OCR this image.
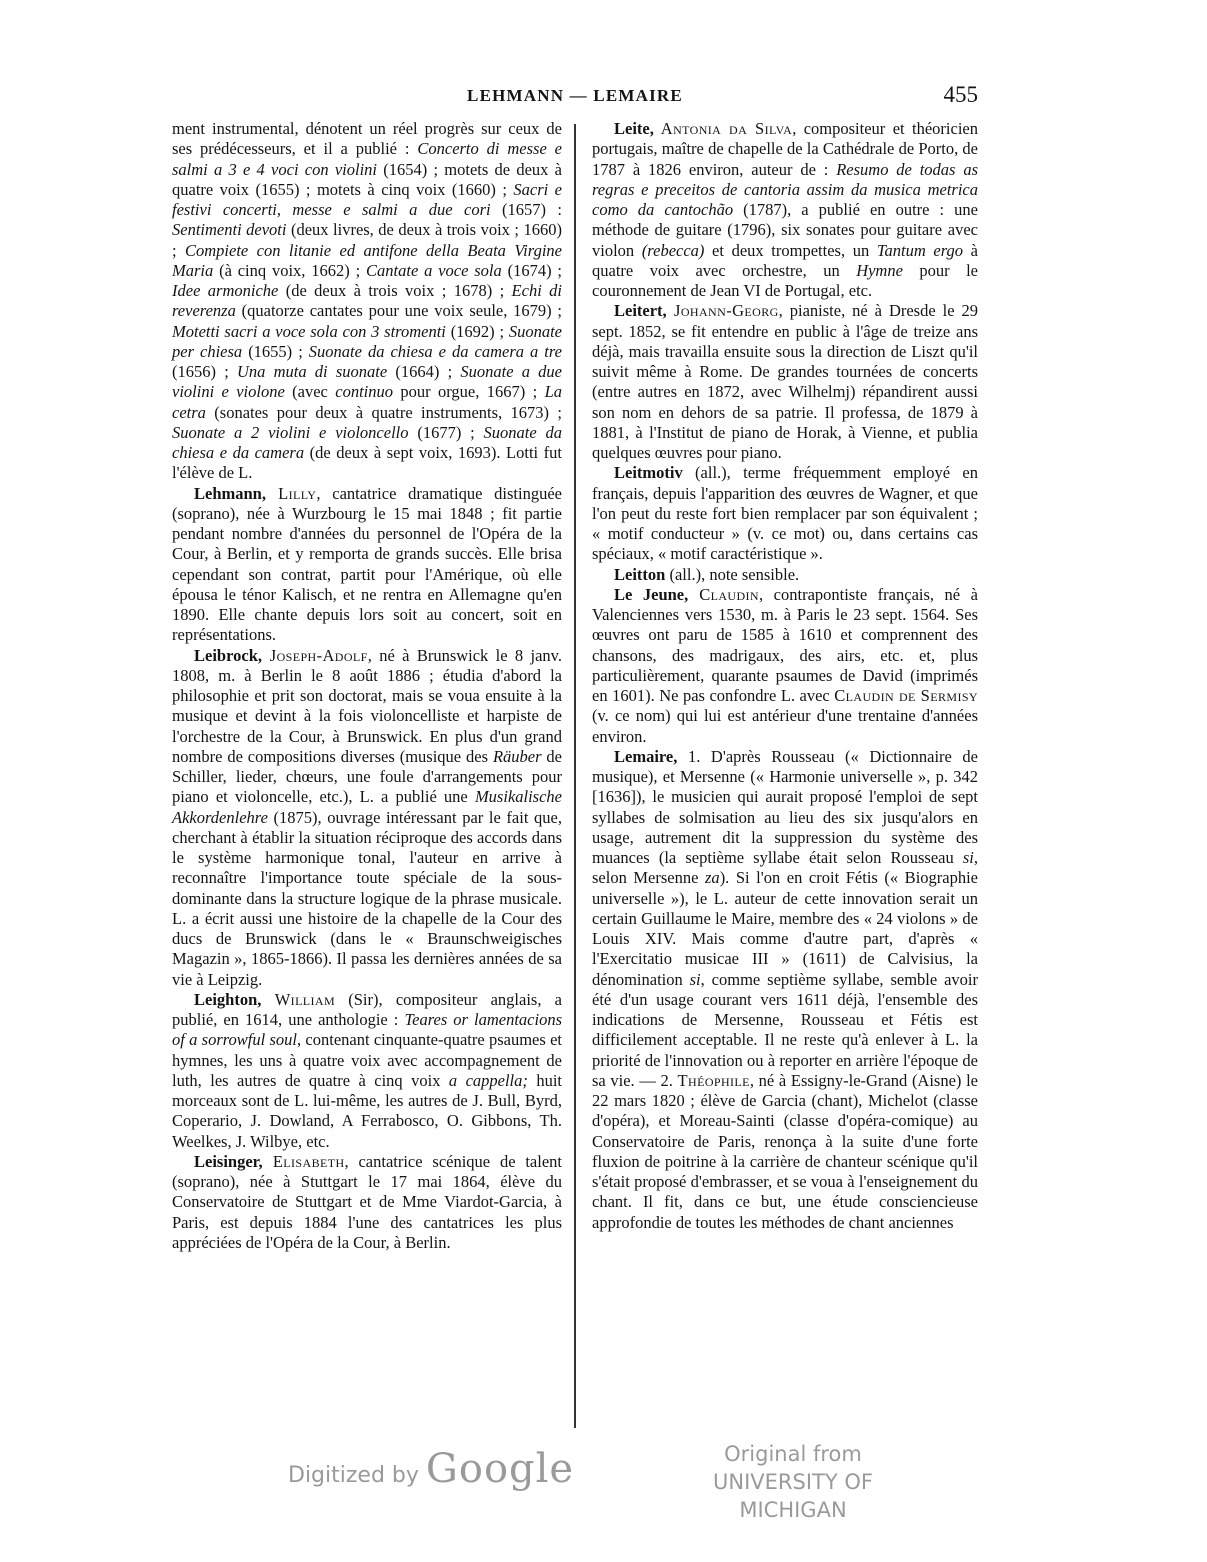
LEHMANN — LEMAIRE	455

ment instrumental, dénotent un réel progrès sur ceux de ses prédécesseurs, et il a publié : Concerto di messe e salmi a 3 e 4 voci con violini (1654) ; motets de deux à quatre voix (1655) ; motets à cinq voix (1660) ; Sacri e festivi concerti, messe e salmi a due cori (1657) : Sentimenti devoti (deux livres, de deux à trois voix ; 1660) ; Compiete con litanie ed antifone della Beata Virgine Maria (à cinq voix, 1662) ; Cantate a voce sola (1674) ; Idee armoniche (de deux à trois voix ; 1678) ; Echi di reverenza (quatorze cantates pour une voix seule, 1679) ; Motetti sacri a voce sola con 3 stromenti (1692) ; Suonate per chiesa (1655) ; Suonate da chiesa e da camera a tre (1656) ; Una muta di suonate (1664) ; Suonate a due violini e violone (avec continuo pour orgue, 1667) ; La cetra (sonates pour deux à quatre instruments, 1673) ; Suonate a 2 violini e violoncello (1677) ; Suonate da chiesa e da camera (de deux à sept voix, 1693). Lotti fut l'élève de L.

Lehmann, Lilly, cantatrice dramatique distinguée (soprano), née à Wurzbourg le 15 mai 1848 ; fit partie pendant nombre d'années du personnel de l'Opéra de la Cour, à Berlin, et y remporta de grands succès. Elle brisa cependant son contrat, partit pour l'Amérique, où elle épousa le ténor Kalisch, et ne rentra en Allemagne qu'en 1890. Elle chante depuis lors soit au concert, soit en représentations.

Leibrock, Joseph-Adolf, né à Brunswick le 8 janv. 1808, m. à Berlin le 8 août 1886 ; étudia d'abord la philosophie et prit son doctorat, mais se voua ensuite à la musique et devint à la fois violoncelliste et harpiste de l'orchestre de la Cour, à Brunswick. En plus d'un grand nombre de compositions diverses (musique des Räuber de Schiller, lieder, chœurs, une foule d'arrangements pour piano et violoncelle, etc.), L. a publié une Musikalische Akkordenlehre (1875), ouvrage intéressant par le fait que, cherchant à établir la situation réciproque des accords dans le système harmonique tonal, l'auteur en arrive à reconnaître l'importance toute spéciale de la sous-dominante dans la structure logique de la phrase musicale. L. a écrit aussi une histoire de la chapelle de la Cour des ducs de Brunswick (dans le « Braunschweigisches Magazin », 1865-1866). Il passa les dernières années de sa vie à Leipzig.

Leighton, William (Sir), compositeur anglais, a publié, en 1614, une anthologie : Teares or lamentacions of a sorrowful soul, contenant cinquante-quatre psaumes et hymnes, les uns à quatre voix avec accompagnement de luth, les autres de quatre à cinq voix a cappella; huit morceaux sont de L. lui-même, les autres de J. Bull, Byrd, Coperario, J. Dowland, A Ferrabosco, O. Gibbons, Th. Weelkes, J. Wilbye, etc.

Leisinger, Elisabeth, cantatrice scénique de talent (soprano), née à Stuttgart le 17 mai 1864, élève du Conservatoire de Stuttgart et de Mme Viardot-Garcia, à Paris, est depuis 1884 l'une des cantatrices les plus appréciées de l'Opéra de la Cour, à Berlin.

Leite, Antonia da Silva, compositeur et théoricien portugais, maître de chapelle de la Cathédrale de Porto, de 1787 à 1826 environ, auteur de : Resumo de todas as regras e preceitos de cantoria assim da musica metrica como da cantochão (1787), a publié en outre : une méthode de guitare (1796), six sonates pour guitare avec violon (rebecca) et deux trompettes, un Tantum ergo à quatre voix avec orchestre, un Hymne pour le couronnement de Jean VI de Portugal, etc.

Leitert, Johann-Georg, pianiste, né à Dresde le 29 sept. 1852, se fit entendre en public à l'âge de treize ans déjà, mais travailla ensuite sous la direction de Liszt qu'il suivit même à Rome. De grandes tournées de concerts (entre autres en 1872, avec Wilhelmj) répandirent aussi son nom en dehors de sa patrie. Il professa, de 1879 à 1881, à l'Institut de piano de Horak, à Vienne, et publia quelques œuvres pour piano.

Leitmotiv (all.), terme fréquemment employé en français, depuis l'apparition des œuvres de Wagner, et que l'on peut du reste fort bien remplacer par son équivalent ; « motif conducteur » (v. ce mot) ou, dans certains cas spéciaux, « motif caractéristique ».

Leitton (all.), note sensible.

Le Jeune, Claudin, contrapontiste français, né à Valenciennes vers 1530, m. à Paris le 23 sept. 1564. Ses œuvres ont paru de 1585 à 1610 et comprennent des chansons, des madrigaux, des airs, etc. et, plus particulièrement, quarante psaumes de David (imprimés en 1601). Ne pas confondre L. avec Claudin de Sermisy (v. ce nom) qui lui est antérieur d'une trentaine d'années environ.

Lemaire, 1. D'après Rousseau (« Dictionnaire de musique), et Mersenne (« Harmonie universelle », p. 342 [1636]), le musicien qui aurait proposé l'emploi de sept syllabes de solmisation au lieu des six jusqu'alors en usage, autrement dit la suppression du système des muances (la septième syllabe était selon Rousseau si, selon Mersenne za). Si l'on en croit Fétis (« Biographie universelle »), le L. auteur de cette innovation serait un certain Guillaume le Maire, membre des « 24 violons » de Louis XIV. Mais comme d'autre part, d'après « l'Exercitatio musicae III » (1611) de Calvisius, la dénomination si, comme septième syllabe, semble avoir été d'un usage courant vers 1611 déjà, l'ensemble des indications de Mersenne, Rousseau et Fétis est difficilement acceptable. Il ne reste qu'à enlever à L. la priorité de l'innovation ou à reporter en arrière l'époque de sa vie. — 2. Théophile, né à Essigny-le-Grand (Aisne) le 22 mars 1820 ; élève de Garcia (chant), Michelot (classe d'opéra), et Moreau-Sainti (classe d'opéra-comique) au Conservatoire de Paris, renonça à la suite d'une forte fluxion de poitrine à la carrière de chanteur scénique qu'il s'était proposé d'embrasser, et se voua à l'enseignement du chant. Il fit, dans ce but, une étude consciencieuse approfondie de toutes les méthodes de chant anciennes

Digitized by Google	Original from
UNIVERSITY OF MICHIGAN
